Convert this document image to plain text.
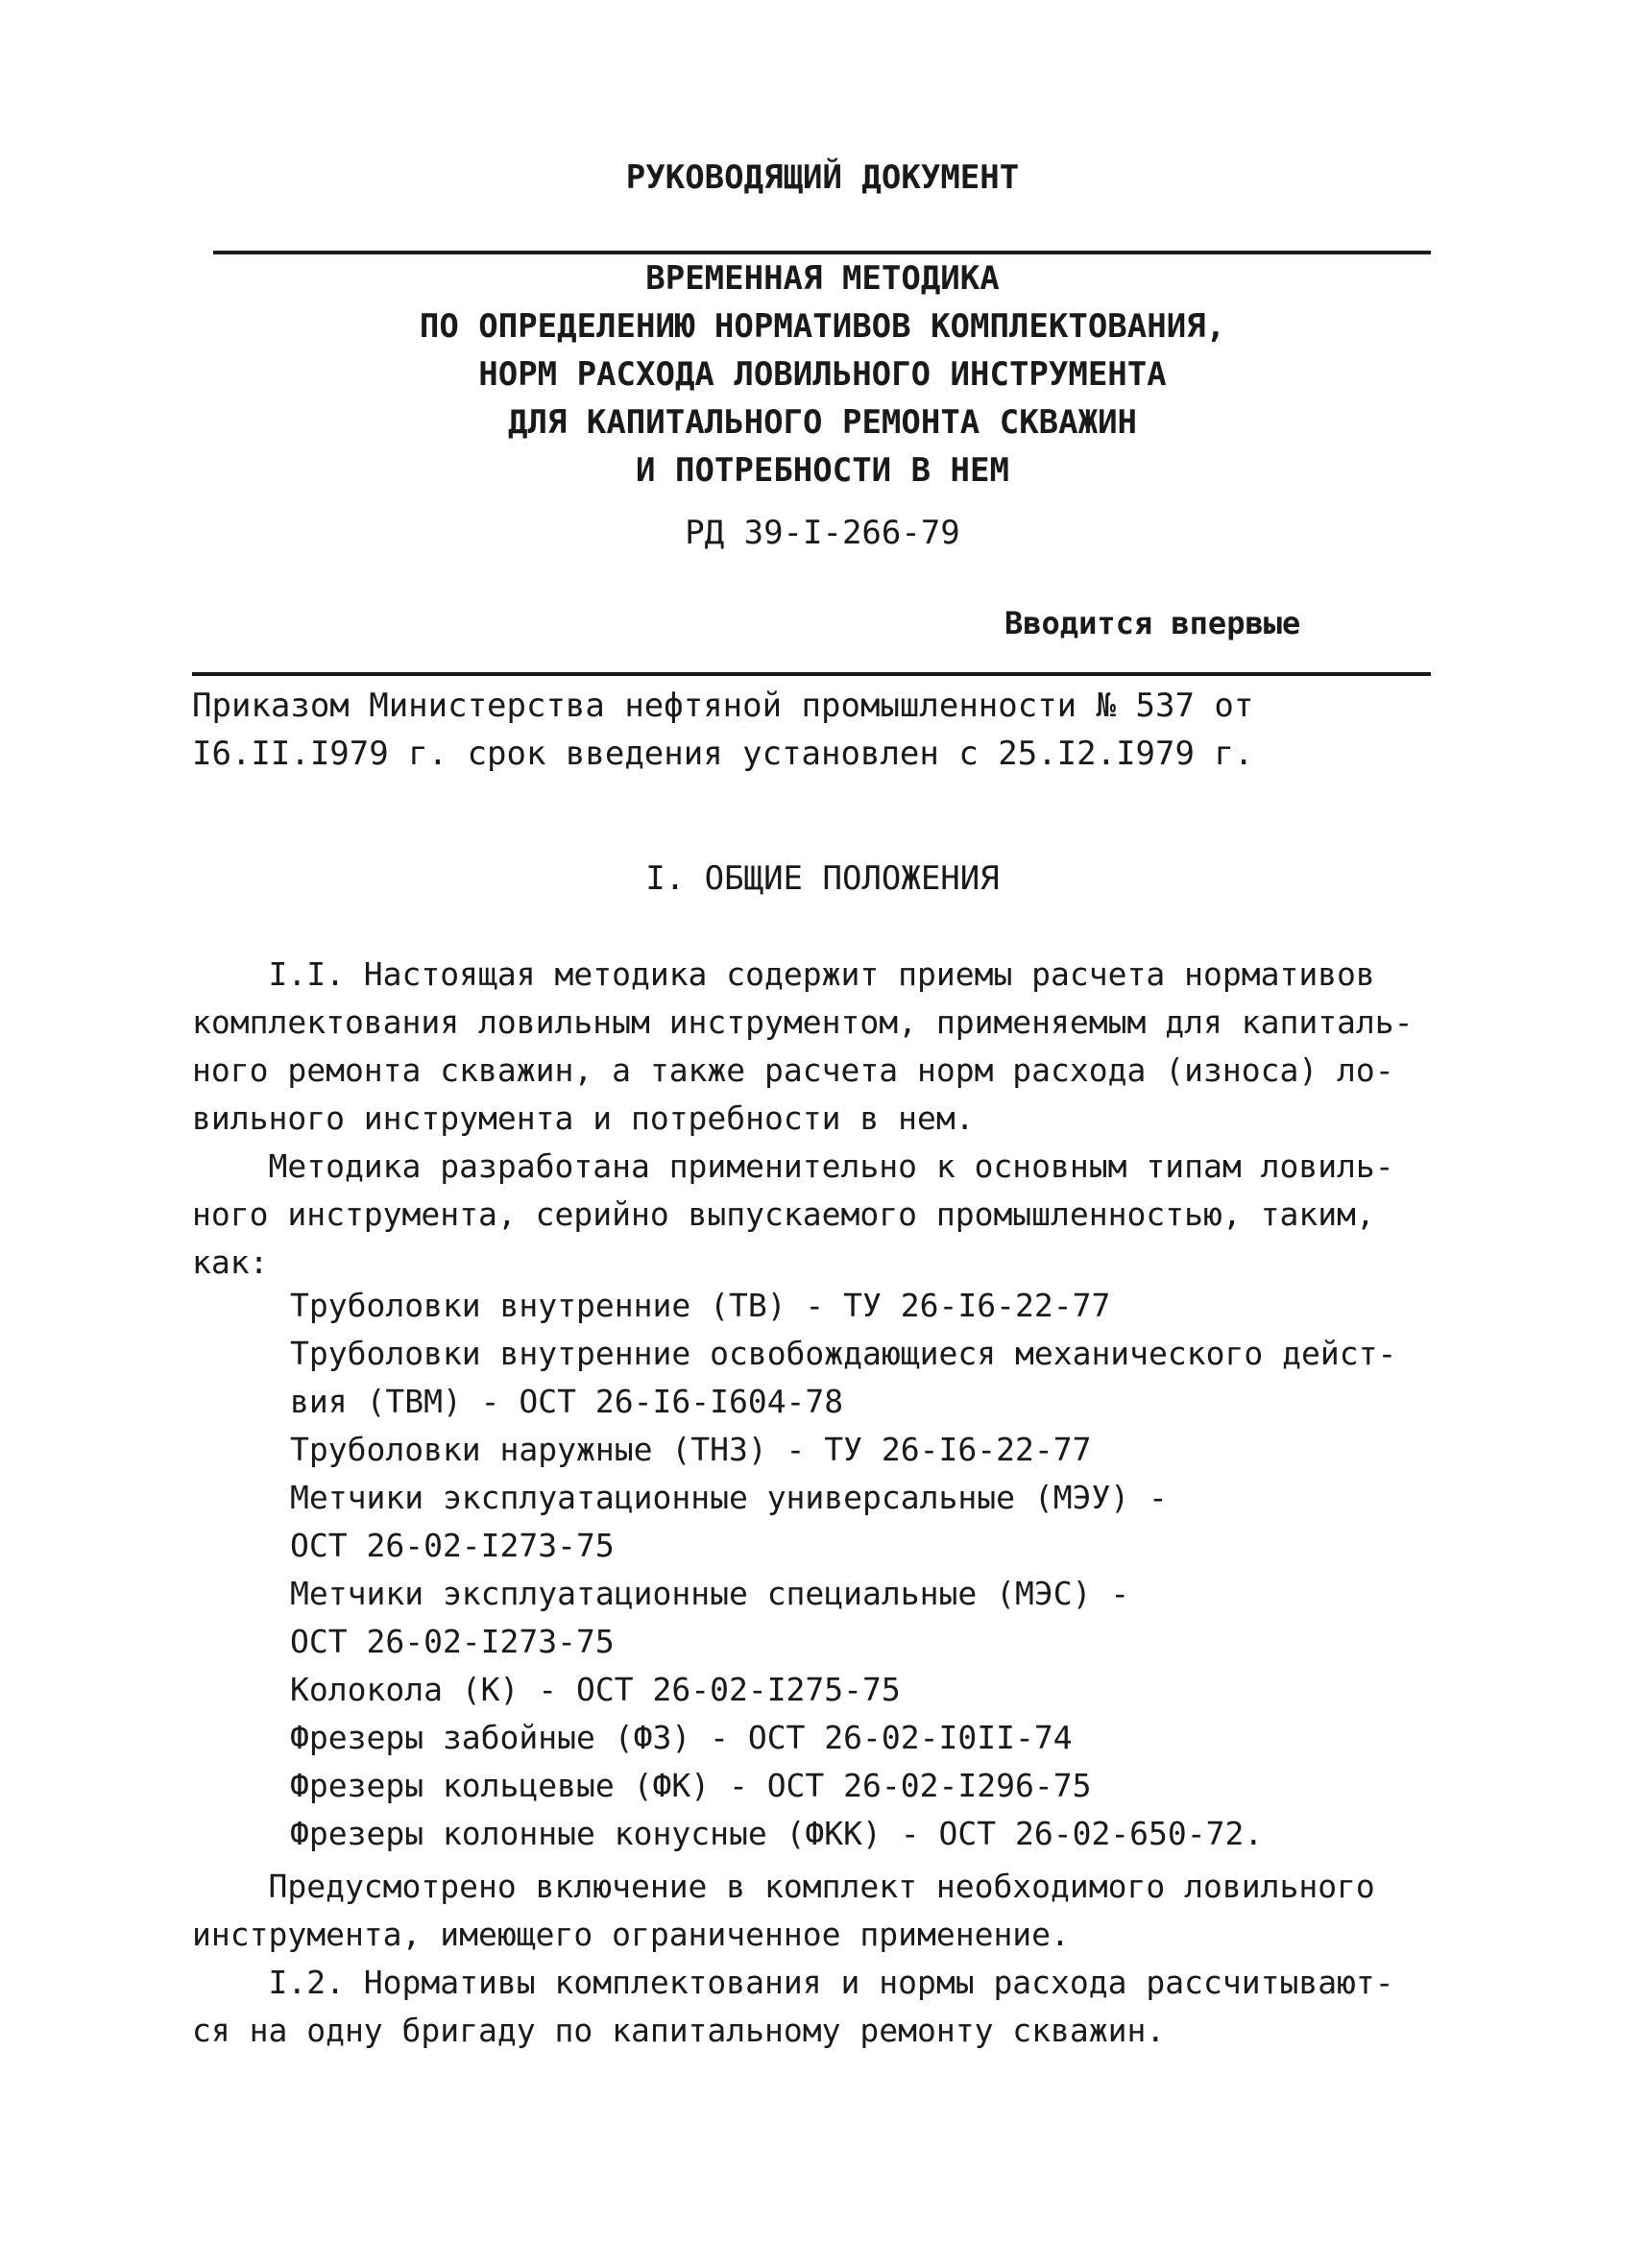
РУКОВОДЯЩИЙ ДОКУМЕНТ
ВРЕМЕННАЯ МЕТОДИКА
ПО ОПРЕДЕЛЕНИЮ НОРМАТИВОВ КОМПЛЕКТОВАНИЯ,
НОРМ РАСХОДА ЛОВИЛЬНОГО ИНСТРУМЕНТА
ДЛЯ КАПИТАЛЬНОГО РЕМОНТА СКВАЖИН
И ПОТРЕБНОСТИ В НЕМ
РД 39-I-266-79
Вводится впервые
Приказом Министерства нефтяной промышленности № 537 от
I6.II.I979 г. срок введения установлен с 25.I2.I979 г.
I. ОБЩИЕ ПОЛОЖЕНИЯ
I.I. Настоящая методика содержит приемы расчета нормативов
комплектования ловильным инструментом, применяемым для капиталь-
ного ремонта скважин, а также расчета норм расхода (износа) ло-
вильного инструмента и потребности в нем.
Методика разработана применительно к основным типам ловиль-
ного инструмента, серийно выпускаемого промышленностью, таким,
как:
Труболовки внутренние (ТВ) - ТУ 26-I6-22-77
Труболовки внутренние освобождающиеся механического дейст-
вия (ТВМ) - ОСТ 26-I6-I604-78
Труболовки наружные (ТНЗ) - ТУ 26-I6-22-77
Метчики эксплуатационные универсальные (МЭУ) -
ОСТ 26-02-I273-75
Метчики эксплуатационные специальные (МЭС) -
ОСТ 26-02-I273-75
Колокола (К) - ОСТ 26-02-I275-75
Фрезеры забойные (ФЗ) - ОСТ 26-02-I0II-74
Фрезеры кольцевые (ФК) - ОСТ 26-02-I296-75
Фрезеры колонные конусные (ФКК) - ОСТ 26-02-650-72.
Предусмотрено включение в комплект необходимого ловильного
инструмента, имеющего ограниченное применение.
I.2. Нормативы комплектования и нормы расхода рассчитывают-
ся на одну бригаду по капитальному ремонту скважин.
